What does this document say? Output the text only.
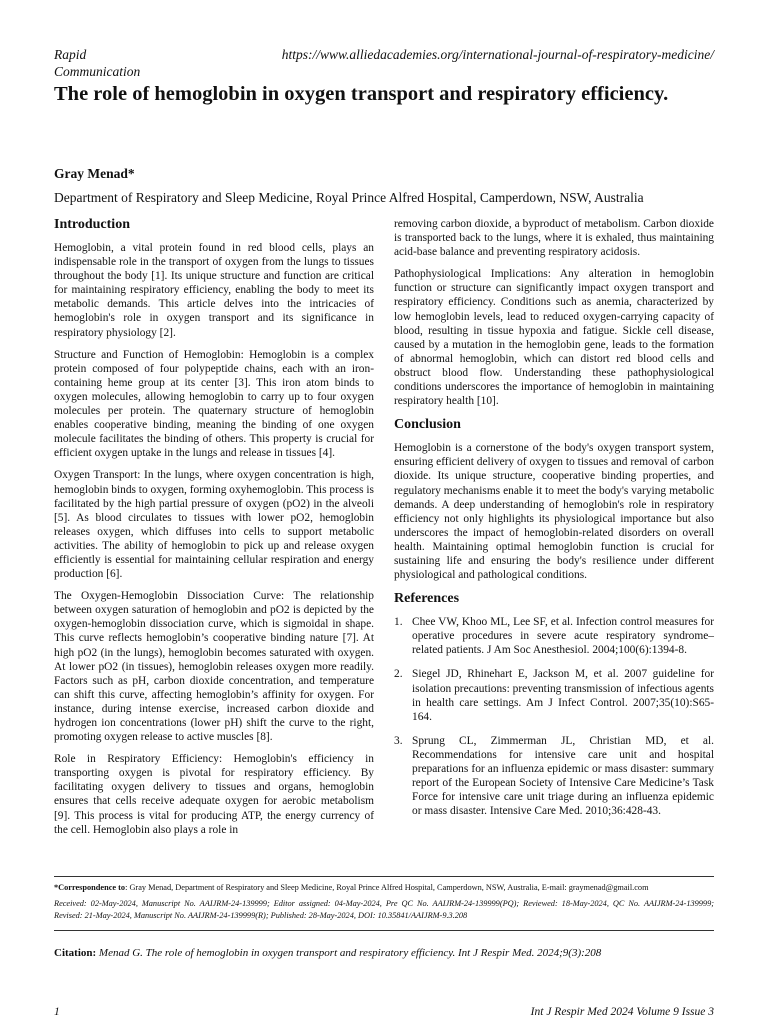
Rapid Communication
https://www.alliedacademies.org/international-journal-of-respiratory-medicine/
The role of hemoglobin in oxygen transport and respiratory efficiency.
Gray Menad*
Department of Respiratory and Sleep Medicine, Royal Prince Alfred Hospital, Camperdown, NSW, Australia
Introduction

Hemoglobin, a vital protein found in red blood cells, plays an indispensable role in the transport of oxygen from the lungs to tissues throughout the body [1]. Its unique structure and function are critical for maintaining respiratory efficiency, enabling the body to meet its metabolic demands. This article delves into the intricacies of hemoglobin's role in oxygen transport and its significance in respiratory physiology [2].

Structure and Function of Hemoglobin: Hemoglobin is a complex protein composed of four polypeptide chains, each with an iron-containing heme group at its center [3]. This iron atom binds to oxygen molecules, allowing hemoglobin to carry up to four oxygen molecules per protein. The quaternary structure of hemoglobin enables cooperative binding, meaning the binding of one oxygen molecule facilitates the binding of others. This property is crucial for efficient oxygen uptake in the lungs and release in tissues [4].

Oxygen Transport: In the lungs, where oxygen concentration is high, hemoglobin binds to oxygen, forming oxyhemoglobin. This process is facilitated by the high partial pressure of oxygen (pO2) in the alveoli [5]. As blood circulates to tissues with lower pO2, hemoglobin releases oxygen, which diffuses into cells to support metabolic activities. The ability of hemoglobin to pick up and release oxygen efficiently is essential for maintaining cellular respiration and energy production [6].

The Oxygen-Hemoglobin Dissociation Curve: The relationship between oxygen saturation of hemoglobin and pO2 is depicted by the oxygen-hemoglobin dissociation curve, which is sigmoidal in shape. This curve reflects hemoglobin’s cooperative binding nature [7]. At high pO2 (in the lungs), hemoglobin becomes saturated with oxygen. At lower pO2 (in tissues), hemoglobin releases oxygen more readily. Factors such as pH, carbon dioxide concentration, and temperature can shift this curve, affecting hemoglobin’s affinity for oxygen. For instance, during intense exercise, increased carbon dioxide and hydrogen ion concentrations (lower pH) shift the curve to the right, promoting oxygen release to active muscles [8].

Role in Respiratory Efficiency: Hemoglobin's efficiency in transporting oxygen is pivotal for respiratory efficiency. By facilitating oxygen delivery to tissues and organs, hemoglobin ensures that cells receive adequate oxygen for aerobic metabolism [9]. This process is vital for producing ATP, the energy currency of the cell. Hemoglobin also plays a role in

removing carbon dioxide, a byproduct of metabolism. Carbon dioxide is transported back to the lungs, where it is exhaled, thus maintaining acid-base balance and preventing respiratory acidosis.

Pathophysiological Implications: Any alteration in hemoglobin function or structure can significantly impact oxygen transport and respiratory efficiency. Conditions such as anemia, characterized by low hemoglobin levels, lead to reduced oxygen-carrying capacity of blood, resulting in tissue hypoxia and fatigue. Sickle cell disease, caused by a mutation in the hemoglobin gene, leads to the formation of abnormal hemoglobin, which can distort red blood cells and obstruct blood flow. Understanding these pathophysiological conditions underscores the importance of hemoglobin in maintaining respiratory health [10].

Conclusion

Hemoglobin is a cornerstone of the body's oxygen transport system, ensuring efficient delivery of oxygen to tissues and removal of carbon dioxide. Its unique structure, cooperative binding properties, and regulatory mechanisms enable it to meet the body's varying metabolic demands. A deep understanding of hemoglobin's role in respiratory efficiency not only highlights its physiological importance but also underscores the impact of hemoglobin-related disorders on overall health. Maintaining optimal hemoglobin function is crucial for sustaining life and ensuring the body's resilience under different physiological and pathological conditions.

References
1. Chee VW, Khoo ML, Lee SF, et al. Infection control measures for operative procedures in severe acute respiratory syndrome–related patients. J Am Soc Anesthesiol. 2004;100(6):1394-8.
2. Siegel JD, Rhinehart E, Jackson M, et al. 2007 guideline for isolation precautions: preventing transmission of infectious agents in health care settings. Am J Infect Control. 2007;35(10):S65-164.
3. Sprung CL, Zimmerman JL, Christian MD, et al. Recommendations for intensive care unit and hospital preparations for an influenza epidemic or mass disaster: summary report of the European Society of Intensive Care Medicine’s Task Force for intensive care unit triage during an influenza epidemic or mass disaster. Intensive Care Med. 2010;36:428-43.
*Correspondence to: Gray Menad, Department of Respiratory and Sleep Medicine, Royal Prince Alfred Hospital, Camperdown, NSW, Australia, E-mail: graymenad@gmail.com
Received: 02-May-2024, Manuscript No. AAIJRM-24-139999; Editor assigned: 04-May-2024, Pre QC No. AAIJRM-24-139999(PQ); Reviewed: 18-May-2024, QC No. AAIJRM-24-139999; Revised: 21-May-2024, Manuscript No. AAIJRM-24-139999(R); Published: 28-May-2024, DOI: 10.35841/AAIJRM-9.3.208
Citation: Menad G. The role of hemoglobin in oxygen transport and respiratory efficiency. Int J Respir Med. 2024;9(3):208
1	Int J Respir Med 2024 Volume 9 Issue 3
